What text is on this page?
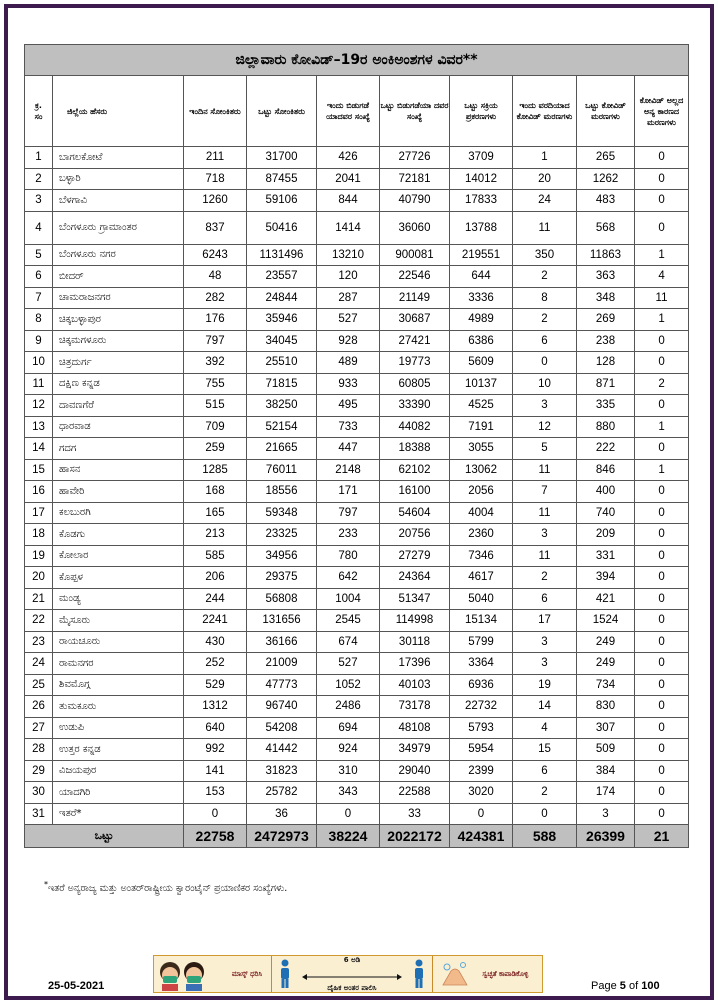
ಜಿಲ್ಲಾವಾರು ಕೋವಿಡ್–19ರ ಅಂಕಿಅಂಶಗಳ ವಿವರ**									
ಕ್ರ.
ಸಂ	ಜಿಲ್ಲೆಯ ಹೆಸರು	ಇಂದಿನ ಸೋಂಕಿತರು	ಒಟ್ಟು ಸೋಂಕಿತರು	ಇಂದು ಬಿಡುಗಡೆ ಯಾದವರ ಸಂಖ್ಯೆ	ಒಟ್ಟು ಬಿಡುಗಡೆಯಾ ದವರ ಸಂಖ್ಯೆ	ಒಟ್ಟು ಸಕ್ರಿಯ ಪ್ರಕರಣಗಳು	ಇಂದು ವರದಿಯಾದ ಕೋವಿಡ್ ಮರಣಗಳು	ಒಟ್ಟು ಕೋವಿಡ್ ಮರಣಗಳು	ಕೋವಿಡ್ ಅಲ್ಲದ ಅನ್ಯ ಕಾರಣದ ಮರಣಗಳು
1	ಬಾಗಲಕೋಟೆ	211	31700	426	27726	3709	1	265	0
2	ಬಳ್ಳಾರಿ	718	87455	2041	72181	14012	20	1262	0
3	ಬೆಳಗಾವಿ	1260	59106	844	40790	17833	24	483	0
4	ಬೆಂಗಳೂರು ಗ್ರಾಮಾಂತರ	837	50416	1414	36060	13788	11	568	0
5	ಬೆಂಗಳೂರು ನಗರ	6243	1131496	13210	900081	219551	350	11863	1
6	ಬೀದರ್	48	23557	120	22546	644	2	363	4
7	ಚಾಮರಾಜನಗರ	282	24844	287	21149	3336	8	348	11
8	ಚಿಕ್ಕಬಳ್ಳಾಪುರ	176	35946	527	30687	4989	2	269	1
9	ಚಿಕ್ಕಮಗಳೂರು	797	34045	928	27421	6386	6	238	0
10	ಚಿತ್ರದುರ್ಗ	392	25510	489	19773	5609	0	128	0
11	ದಕ್ಷಿಣ ಕನ್ನಡ	755	71815	933	60805	10137	10	871	2
12	ದಾವಣಗೆರೆ	515	38250	495	33390	4525	3	335	0
13	ಧಾರವಾಡ	709	52154	733	44082	7191	12	880	1
14	ಗದಗ	259	21665	447	18388	3055	5	222	0
15	ಹಾಸನ	1285	76011	2148	62102	13062	11	846	1
16	ಹಾವೇರಿ	168	18556	171	16100	2056	7	400	0
17	ಕಲಬುರಗಿ	165	59348	797	54604	4004	11	740	0
18	ಕೊಡಗು	213	23325	233	20756	2360	3	209	0
19	ಕೋಲಾರ	585	34956	780	27279	7346	11	331	0
20	ಕೊಪ್ಪಳ	206	29375	642	24364	4617	2	394	0
21	ಮಂಡ್ಯ	244	56808	1004	51347	5040	6	421	0
22	ಮೈಸೂರು	2241	131656	2545	114998	15134	17	1524	0
23	ರಾಯಚೂರು	430	36166	674	30118	5799	3	249	0
24	ರಾಮನಗರ	252	21009	527	17396	3364	3	249	0
25	ಶಿವಮೊಗ್ಗ	529	47773	1052	40103	6936	19	734	0
26	ತುಮಕೂರು	1312	96740	2486	73178	22732	14	830	0
27	ಉಡುಪಿ	640	54208	694	48108	5793	4	307	0
28	ಉತ್ತರ ಕನ್ನಡ	992	41442	924	34979	5954	15	509	0
29	ವಿಜಯಪುರ	141	31823	310	29040	2399	6	384	0
30	ಯಾದಗಿರಿ	153	25782	343	22588	3020	2	174	0
31	ಇತರೆ*	0	36	0	33	0	0	3	0
ಒಟ್ಟು		22758	2472973	38224	2022172	424381	588	26399	21
*ಇತರೆ ಅನ್ಯರಾಜ್ಯ ಮತ್ತು ಅಂತರ್‌ರಾಷ್ಟ್ರೀಯ ಕ್ವಾರಂಟೈನ್ ಪ್ರಯಾಣಿಕರ ಸಂಖ್ಯೆಗಳು.
ಮಾಸ್ಕ್ ಧರಿಸಿ
6 ಅಡಿ
ದೈಹಿಕ ಅಂತರ ಪಾಲಿಸಿ
ಸ್ವಚ್ಛತೆ ಕಾಪಾಡಿಕೊಳ್ಳಿ
25-05-2021	Page 5 of 100
